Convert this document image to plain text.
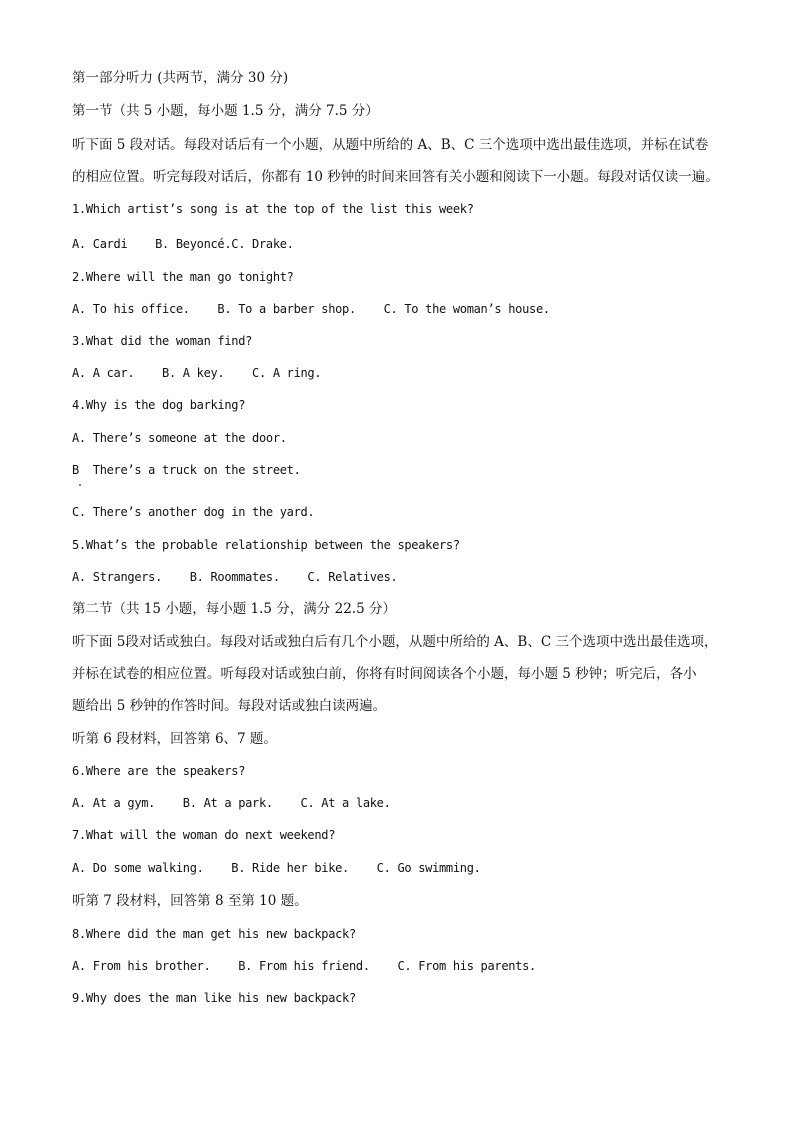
第一部分听力 (共两节，满分 30 分)
第一节（共 5 小题，每小题 1.5 分，满分 7.5 分）
听下面 5 段对话。每段对话后有一个小题，从题中所给的 A、B、C 三个选项中选出最佳选项，并标在试卷
的相应位置。听完每段对话后，你都有 10 秒钟的时间来回答有关小题和阅读下一小题。每段对话仅读一遍。
1.Which artist’s song is at the top of the list this week?
A. Cardi    B. Beyoncé.C. Drake.
2.Where will the man go tonight?
A. To his office.    B. To a barber shop.    C. To the woman’s house.
3.What did the woman find?
A. A car.    B. A key.    C. A ring.
4.Why is the dog barking?
A. There’s someone at the door.
B  There’s a truck on the street.
C. There’s another dog in the yard.
5.What’s the probable relationship between the speakers?
A. Strangers.    B. Roommates.    C. Relatives.
第二节（共 15 小题，每小题 1.5 分，满分 22.5 分）
听下面 5段对话或独白。每段对话或独白后有几个小题，从题中所给的 A、B、C 三个选项中选出最佳选项，
并标在试卷的相应位置。听每段对话或独白前，你将有时间阅读各个小题，每小题 5 秒钟；听完后，各小
题给出 5 秒钟的作答时间。每段对话或独白读两遍。
听第 6 段材料，回答第 6、7 题。
6.Where are the speakers?
A. At a gym.    B. At a park.    C. At a lake.
7.What will the woman do next weekend?
A. Do some walking.    B. Ride her bike.    C. Go swimming.
听第 7 段材料，回答第 8 至第 10 题。
8.Where did the man get his new backpack?
A. From his brother.    B. From his friend.    C. From his parents.
9.Why does the man like his new backpack?
